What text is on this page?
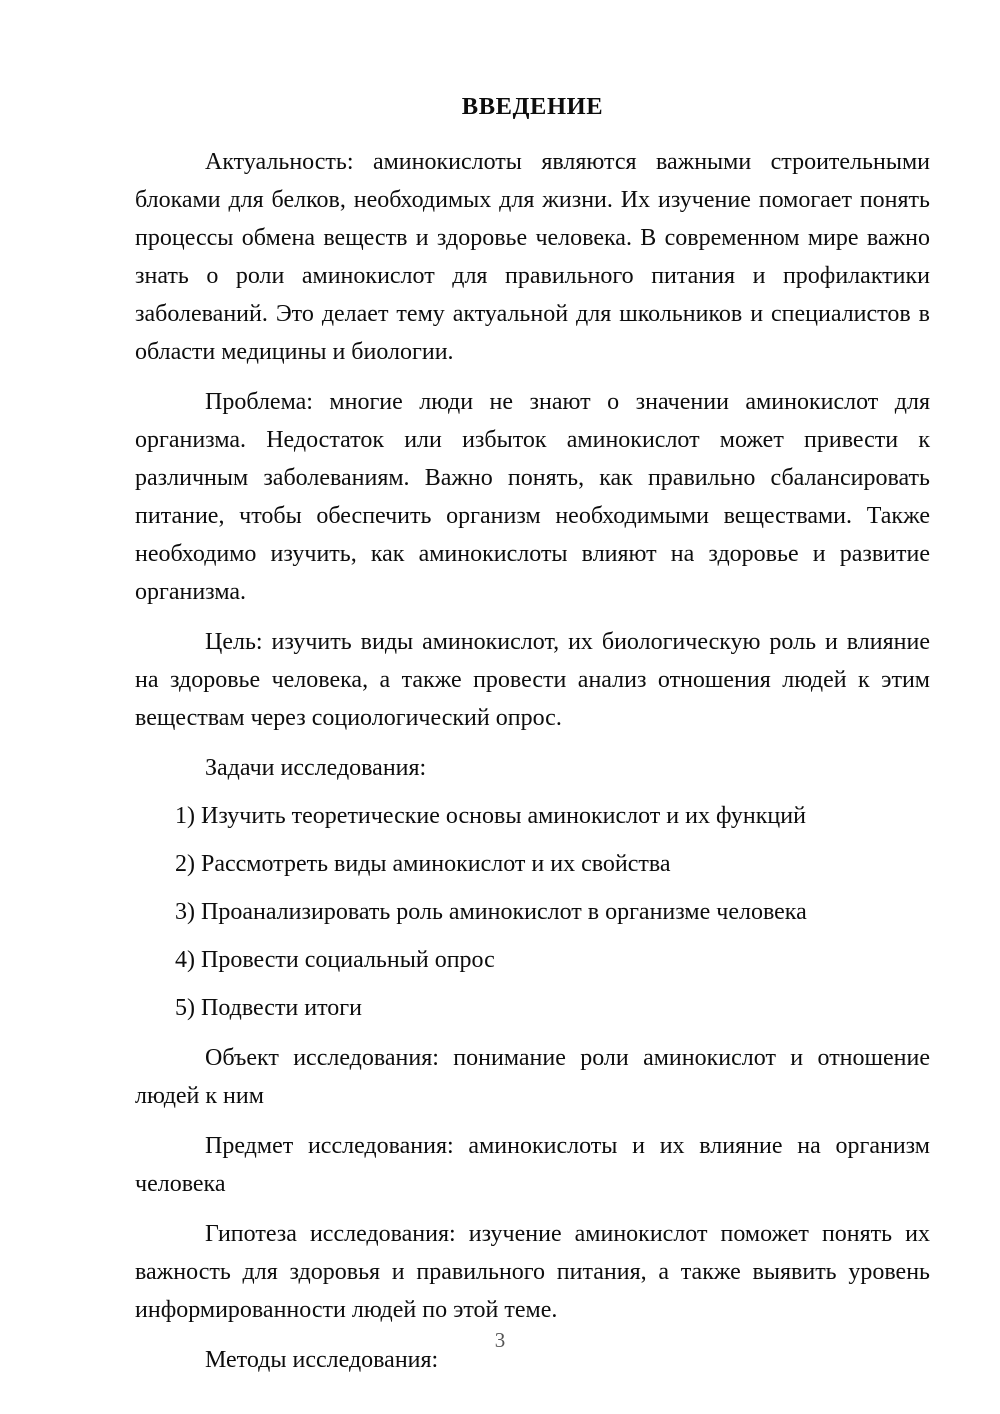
ВВЕДЕНИЕ

Актуальность: аминокислоты являются важными строительными блоками для белков, необходимых для жизни. Их изучение помогает понять процессы обмена веществ и здоровье человека. В современном мире важно знать о роли аминокислот для правильного питания и профилактики заболеваний. Это делает тему актуальной для школьников и специалистов в области медицины и биологии.

Проблема: многие люди не знают о значении аминокислот для организма. Недостаток или избыток аминокислот может привести к различным заболеваниям. Важно понять, как правильно сбалансировать питание, чтобы обеспечить организм необходимыми веществами. Также необходимо изучить, как аминокислоты влияют на здоровье и развитие организма.

Цель: изучить виды аминокислот, их биологическую роль и влияние на здоровье человека, а также провести анализ отношения людей к этим веществам через социологический опрос.

Задачи исследования:

1) Изучить теоретические основы аминокислот и их функций
2) Рассмотреть виды аминокислот и их свойства
3) Проанализировать роль аминокислот в организме человека
4) Провести социальный опрос
5) Подвести итоги

Объект исследования: понимание роли аминокислот и отношение людей к ним

Предмет исследования: аминокислоты и их влияние на организм человека

Гипотеза исследования: изучение аминокислот поможет понять их важность для здоровья и правильного питания, а также выявить уровень информированности людей по этой теме.

Методы исследования:

3
